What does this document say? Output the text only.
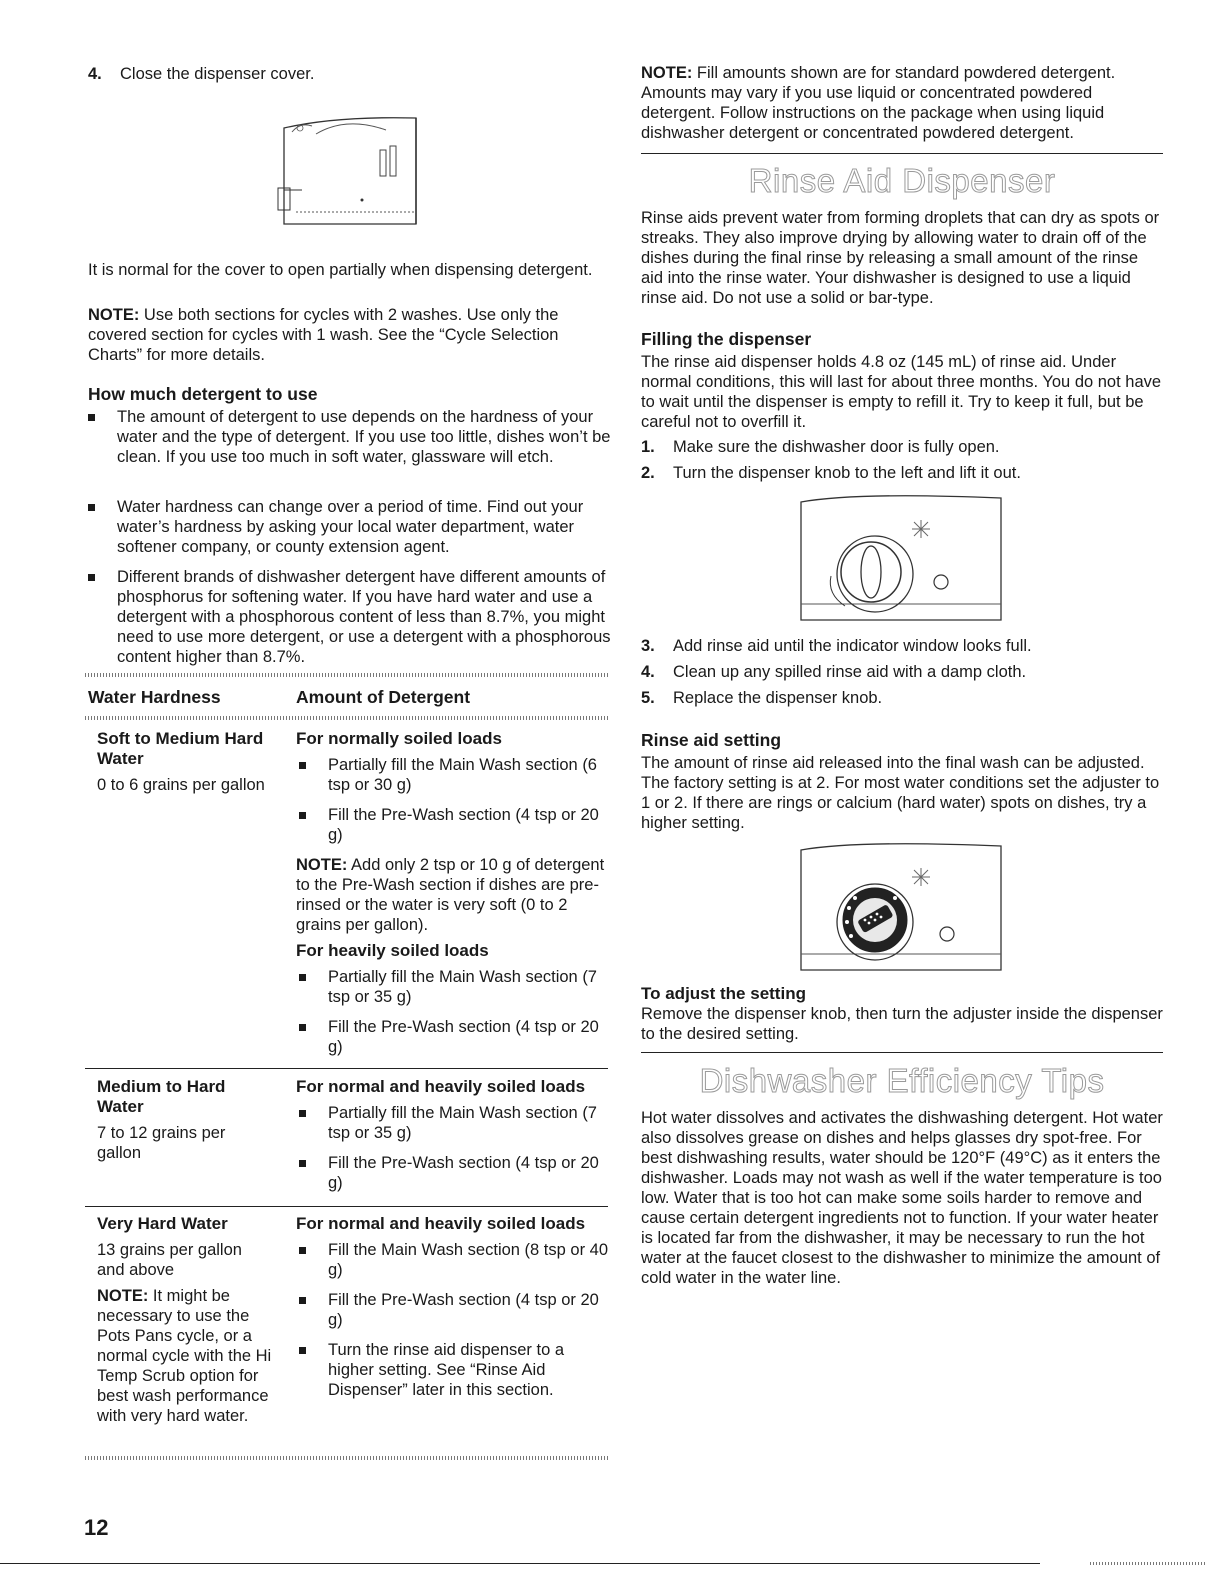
4. Close the dispenser cover.

It is normal for the cover to open partially when dispensing detergent.

NOTE: Use both sections for cycles with 2 washes. Use only the covered section for cycles with 1 wash. See the “Cycle Selection Charts” for more details.

How much detergent to use

The amount of detergent to use depends on the hardness of your water and the type of detergent. If you use too little, dishes won’t be clean. If you use too much in soft water, glassware will etch.
Water hardness can change over a period of time. Find out your water’s hardness by asking your local water department, water softener company, or county extension agent.
Different brands of dishwasher detergent have different amounts of phosphorus for softening water. If you have hard water and use a detergent with a phosphorous content of less than 8.7%, you might need to use more detergent, or use a detergent with a phosphorous content higher than 8.7%.

Water Hardness	Amount of Detergent

Soft to Medium Hard Water

0 to 6 grains per gallon

For normally soiled loads

Partially fill the Main Wash section (6 tsp or 30 g)
Fill the Pre-Wash section (4 tsp or 20 g)

NOTE: Add only 2 tsp or 10 g of detergent to the Pre-Wash section if dishes are pre-rinsed or the water is very soft (0 to 2 grains per gallon).

For heavily soiled loads

Partially fill the Main Wash section (7 tsp or 35 g)
Fill the Pre-Wash section (4 tsp or 20 g)

Medium to Hard Water

7 to 12 grains per gallon

For normal and heavily soiled loads

Partially fill the Main Wash section (7 tsp or 35 g)
Fill the Pre-Wash section (4 tsp or 20 g)

Very Hard Water

13 grains per gallon and above

NOTE: It might be necessary to use the Pots Pans cycle, or a normal cycle with the Hi Temp Scrub option for best wash performance with very hard water.

For normal and heavily soiled loads

Fill the Main Wash section (8 tsp or 40 g)
Fill the Pre-Wash section (4 tsp or 20 g)
Turn the rinse aid dispenser to a higher setting. See “Rinse Aid Dispenser” later in this section.

12

NOTE: Fill amounts shown are for standard powdered detergent. Amounts may vary if you use liquid or concentrated powdered detergent. Follow instructions on the package when using liquid dishwasher detergent or concentrated powdered detergent.

Rinse Aid Dispenser

Rinse aids prevent water from forming droplets that can dry as spots or streaks. They also improve drying by allowing water to drain off of the dishes during the final rinse by releasing a small amount of the rinse aid into the rinse water. Your dishwasher is designed to use a liquid rinse aid. Do not use a solid or bar-type.

Filling the dispenser

The rinse aid dispenser holds 4.8 oz (145 mL) of rinse aid. Under normal conditions, this will last for about three months. You do not have to wait until the dispenser is empty to refill it. Try to keep it full, but be careful not to overfill it.

1. Make sure the dishwasher door is fully open.
2. Turn the dispenser knob to the left and lift it out.
3. Add rinse aid until the indicator window looks full.
4. Clean up any spilled rinse aid with a damp cloth.
5. Replace the dispenser knob.

Rinse aid setting

The amount of rinse aid released into the final wash can be adjusted. The factory setting is at 2. For most water conditions set the adjuster to 1 or 2. If there are rings or calcium (hard water) spots on dishes, try a higher setting.

To adjust the setting

Remove the dispenser knob, then turn the adjuster inside the dispenser to the desired setting.

Dishwasher Efficiency Tips

Hot water dissolves and activates the dishwashing detergent. Hot water also dissolves grease on dishes and helps glasses dry spot-free. For best dishwashing results, water should be 120°F (49°C) as it enters the dishwasher. Loads may not wash as well if the water temperature is too low. Water that is too hot can make some soils harder to remove and cause certain detergent ingredients not to function. If your water heater is located far from the dishwasher, it may be necessary to run the hot water at the faucet closest to the dishwasher to minimize the amount of cold water in the water line.
